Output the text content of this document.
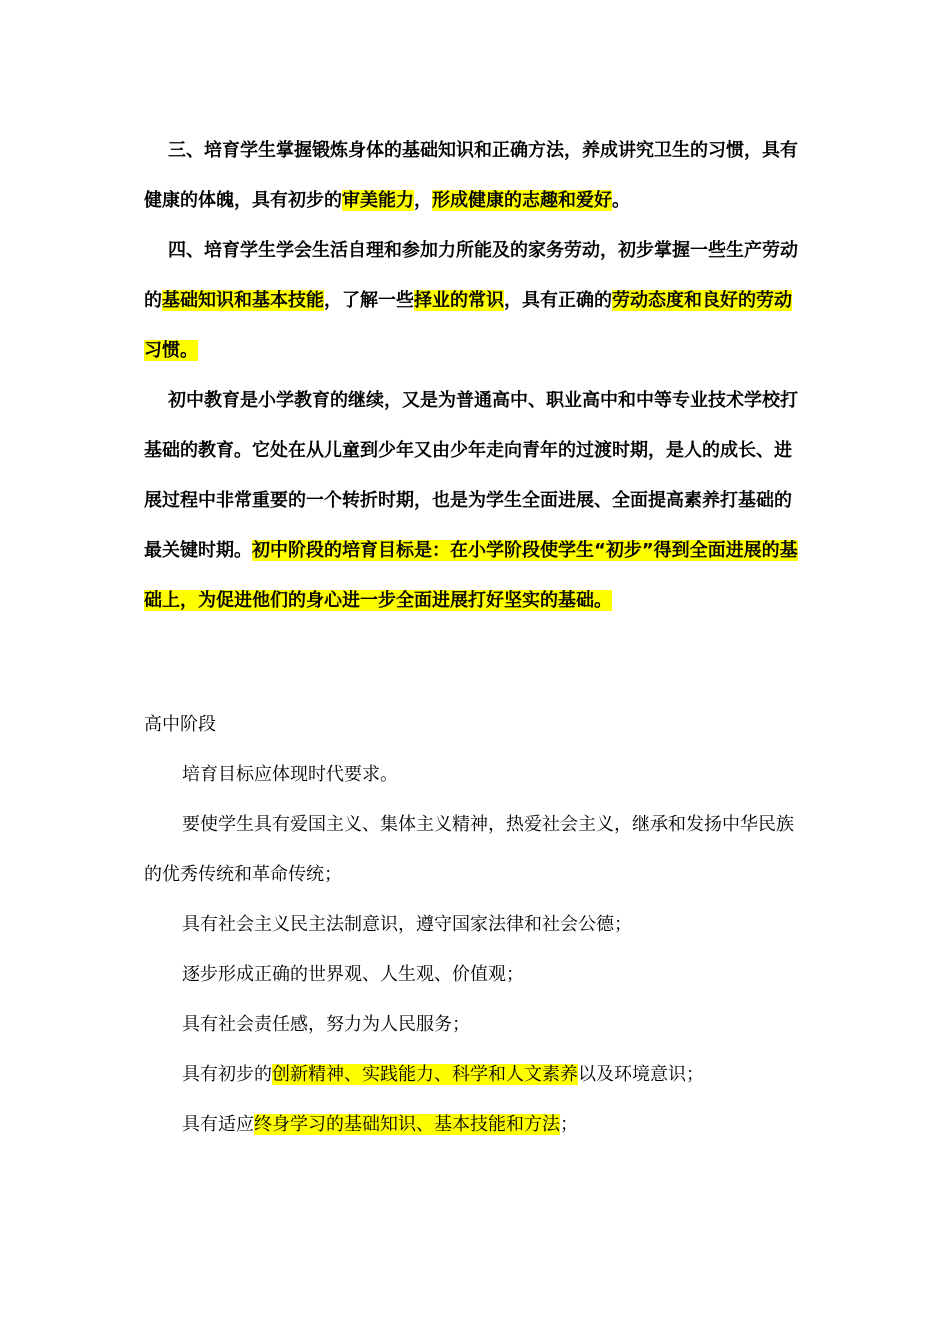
三、培育学生掌握锻炼身体的基础知识和正确方法，养成讲究卫生的习惯，具有健康的体魄，具有初步的审美能力，形成健康的志趣和爱好。

四、培育学生学会生活自理和参加力所能及的家务劳动，初步掌握一些生产劳动的基础知识和基本技能，了解一些择业的常识，具有正确的劳动态度和良好的劳动习惯。

初中教育是小学教育的继续，又是为普通高中、职业高中和中等专业技术学校打基础的教育。它处在从儿童到少年又由少年走向青年的过渡时期，是人的成长、进展过程中非常重要的一个转折时期，也是为学生全面进展、全面提高素养打基础的最关键时期。初中阶段的培育目标是：在小学阶段使学生“初步”得到全面进展的基础上，为促进他们的身心进一步全面进展打好坚实的基础。

高中阶段

培育目标应体现时代要求。

要使学生具有爱国主义、集体主义精神，热爱社会主义，继承和发扬中华民族的优秀传统和革命传统；

具有社会主义民主法制意识，遵守国家法律和社会公德；

逐步形成正确的世界观、人生观、价值观；

具有社会责任感，努力为人民服务；

具有初步的创新精神、实践能力、科学和人文素养以及环境意识；

具有适应终身学习的基础知识、基本技能和方法；
